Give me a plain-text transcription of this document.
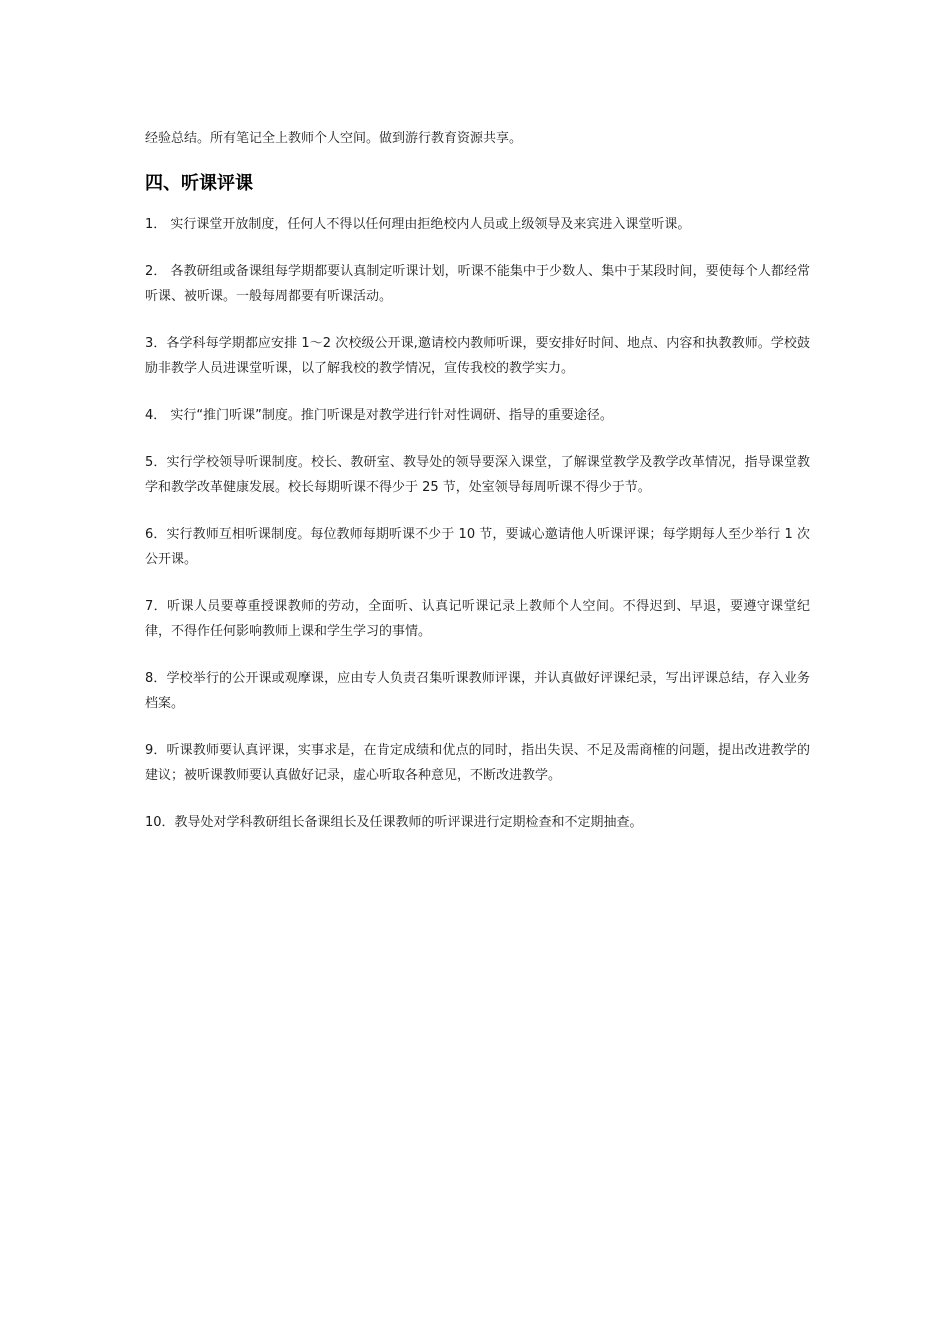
经验总结。所有笔记全上教师个人空间。做到游行教育资源共享。

四、听课评课
1． 实行课堂开放制度，任何人不得以任何理由拒绝校内人员或上级领导及来宾进入课堂听课。
2． 各教研组或备课组每学期都要认真制定听课计划，听课不能集中于少数人、集中于某段时间，要使每个人都经常听课、被听课。一般每周都要有听课活动。
3．各学科每学期都应安排 1～2 次校级公开课,邀请校内教师听课，要安排好时间、地点、内容和执教教师。学校鼓励非教学人员进课堂听课，以了解我校的教学情况，宣传我校的教学实力。
4． 实行“推门听课”制度。推门听课是对教学进行针对性调研、指导的重要途径。
5．实行学校领导听课制度。校长、教研室、教导处的领导要深入课堂，了解课堂教学及教学改革情况，指导课堂教学和教学改革健康发展。校长每期听课不得少于 25 节，处室领导每周听课不得少于节。
6．实行教师互相听课制度。每位教师每期听课不少于 10 节，要诚心邀请他人听课评课；每学期每人至少举行 1 次公开课。
7．听课人员要尊重授课教师的劳动，全面听、认真记听课记录上教师个人空间。不得迟到、早退，要遵守课堂纪律，不得作任何影响教师上课和学生学习的事情。
8．学校举行的公开课或观摩课，应由专人负责召集听课教师评课，并认真做好评课纪录，写出评课总结，存入业务档案。
9．听课教师要认真评课，实事求是，在肯定成绩和优点的同时，指出失误、不足及需商榷的问题，提出改进教学的建议；被听课教师要认真做好记录，虚心听取各种意见，不断改进教学。
10．教导处对学科教研组长备课组长及任课教师的听评课进行定期检查和不定期抽查。
